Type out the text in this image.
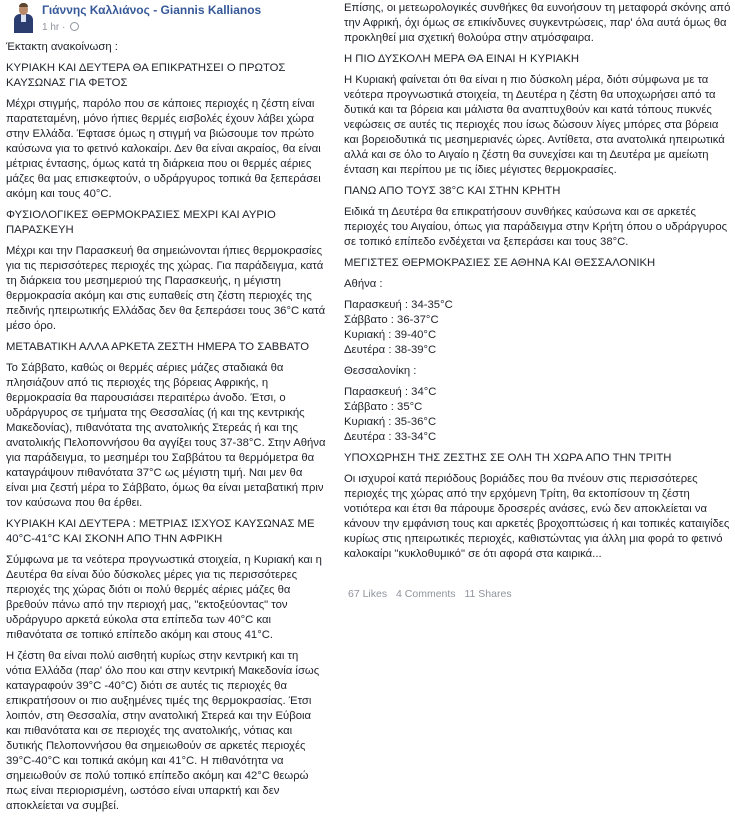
Γιάννης Καλλιάνος - Giannis Kallianos
1 hr ·

Έκτακτη ανακοίνωση :

ΚΥΡΙΑΚΗ ΚΑΙ ΔΕΥΤΕΡΑ ΘΑ ΕΠΙΚΡΑΤΗΣΕΙ Ο ΠΡΩΤΟΣ ΚΑΥΣΩΝΑΣ ΓΙΑ ΦΕΤΟΣ

Μέχρι στιγμής, παρόλο που σε κάποιες περιοχές η ζέστη είναι παρατεταμένη, μόνο ήπιες θερμές εισβολές έχουν λάβει χώρα στην Ελλάδα. Έφτασε όμως η στιγμή να βιώσουμε τον πρώτο καύσωνα για το φετινό καλοκαίρι. Δεν θα είναι ακραίος, θα είναι μέτριας έντασης, όμως κατά τη διάρκεια που οι θερμές αέριες μάζες θα μας επισκεφτούν, ο υδράργυρος τοπικά θα ξεπεράσει ακόμη και τους 40°C.

ΦΥΣΙΟΛΟΓΙΚΕΣ ΘΕΡΜΟΚΡΑΣΙΕΣ ΜΕΧΡΙ ΚΑΙ ΑΥΡΙΟ ΠΑΡΑΣΚΕΥΗ

Μέχρι και την Παρασκευή θα σημειώνονται ήπιες θερμοκρασίες για τις περισσότερες περιοχές της χώρας. Για παράδειγμα, κατά τη διάρκεια του μεσημεριού της Παρασκευής, η μέγιστη θερμοκρασία ακόμη και στις ευπαθείς στη ζέστη περιοχές της πεδινής ηπειρωτικής Ελλάδας δεν θα ξεπεράσει τους 36°C κατά μέσο όρο.

ΜΕΤΑΒΑΤΙΚΗ ΑΛΛΑ ΑΡΚΕΤΑ ΖΕΣΤΗ ΗΜΕΡΑ ΤΟ ΣΑΒΒΑΤΟ

Το Σάββατο, καθώς οι θερμές αέριες μάζες σταδιακά θα πλησιάζουν από τις περιοχές της βόρειας Αφρικής, η θερμοκρασία θα παρουσιάσει περαιτέρω άνοδο. Έτσι, ο υδράργυρος σε τμήματα της Θεσσαλίας (ή και της κεντρικής Μακεδονίας), πιθανότατα της ανατολικής Στερεάς ή και της ανατολικής Πελοποννήσου θα αγγίξει τους 37-38°C. Στην Αθήνα για παράδειγμα, το μεσημέρι του Σαββάτου τα θερμόμετρα θα καταγράψουν πιθανότατα 37°C ως μέγιστη τιμή. Ναι μεν θα είναι μια ζεστή μέρα το Σάββατο, όμως θα είναι μεταβατική πριν τον καύσωνα που θα έρθει.

ΚΥΡΙΑΚΗ ΚΑΙ ΔΕΥΤΕΡΑ : ΜΕΤΡΙΑΣ ΙΣΧΥΟΣ ΚΑΥΣΩΝΑΣ ΜΕ 40°C-41°C ΚΑΙ ΣΚΟΝΗ ΑΠΟ ΤΗΝ ΑΦΡΙΚΗ

Σύμφωνα με τα νεότερα προγνωστικά στοιχεία, η Κυριακή και η Δευτέρα θα είναι δύο δύσκολες μέρες για τις περισσότερες περιοχές της χώρας διότι οι πολύ θερμές αέριες μάζες θα βρεθούν πάνω από την περιοχή μας, "εκτοξεύοντας" τον υδράργυρο αρκετά εύκολα στα επίπεδα των 40°C και πιθανότατα σε τοπικό επίπεδο ακόμη και στους 41°C.

Η ζέστη θα είναι πολύ αισθητή κυρίως στην κεντρική και τη νότια Ελλάδα (παρ' όλο που και στην κεντρική Μακεδονία ίσως καταγραφούν 39°C -40°C) διότι σε αυτές τις περιοχές θα επικρατήσουν οι πιο αυξημένες τιμές της θερμοκρασίας. Έτσι λοιπόν, στη Θεσσαλία, στην ανατολική Στερεά και την Εύβοια και πιθανότατα και σε περιοχές της ανατολικής, νότιας και δυτικής Πελοποννήσου θα σημειωθούν σε αρκετές περιοχές 39°C-40°C και τοπικά ακόμη και 41°C. Η πιθανότητα να σημειωθούν σε πολύ τοπικό επίπεδο ακόμη και 42°C θεωρώ πως είναι περιορισμένη, ωστόσο είναι υπαρκτή και δεν αποκλείεται να συμβεί.

Επίσης, οι μετεωρολογικές συνθήκες θα ευνοήσουν τη μεταφορά σκόνης από την Αφρική, όχι όμως σε επικίνδυνες συγκεντρώσεις, παρ' όλα αυτά όμως θα προκληθεί μια σχετική θολούρα στην ατμόσφαιρα.

Η ΠΙΟ ΔΥΣΚΟΛΗ ΜΕΡΑ ΘΑ ΕΙΝΑΙ Η ΚΥΡΙΑΚΗ

Η Κυριακή φαίνεται ότι θα είναι η πιο δύσκολη μέρα, διότι σύμφωνα με τα νεότερα προγνωστικά στοιχεία, τη Δευτέρα η ζέστη θα υποχωρήσει από τα δυτικά και τα βόρεια και μάλιστα θα αναπτυχθούν και κατά τόπους πυκνές νεφώσεις σε αυτές τις περιοχές που ίσως δώσουν λίγες μπόρες στα βόρεια και βορειοδυτικά τις μεσημεριανές ώρες. Αντίθετα, στα ανατολικά ηπειρωτικά αλλά και σε όλο το Αιγαίο η ζέστη θα συνεχίσει και τη Δευτέρα με αμείωτη ένταση και περίπου με τις ίδιες μέγιστες θερμοκρασίες.

ΠΑΝΩ ΑΠΟ ΤΟΥΣ 38°C ΚΑΙ ΣΤΗΝ ΚΡΗΤΗ

Ειδικά τη Δευτέρα θα επικρατήσουν συνθήκες καύσωνα και σε αρκετές περιοχές του Αιγαίου, όπως για παράδειγμα στην Κρήτη όπου ο υδράργυρος σε τοπικό επίπεδο ενδέχεται να ξεπεράσει και τους 38°C.

ΜΕΓΙΣΤΕΣ ΘΕΡΜΟΚΡΑΣΙΕΣ ΣΕ ΑΘΗΝΑ ΚΑΙ ΘΕΣΣΑΛΟΝΙΚΗ

Αθήνα :

Παρασκευή : 34-35°C
Σάββατο : 36-37°C
Κυριακή : 39-40°C
Δευτέρα : 38-39°C

Θεσσαλονίκη :

Παρασκευή : 34°C
Σάββατο : 35°C
Κυριακή : 35-36°C
Δευτέρα : 33-34°C

ΥΠΟΧΩΡΗΣΗ ΤΗΣ ΖΕΣΤΗΣ ΣΕ ΟΛΗ ΤΗ ΧΩΡΑ ΑΠΟ ΤΗΝ ΤΡΙΤΗ

Οι ισχυροί κατά περιόδους βοριάδες που θα πνέουν στις περισσότερες περιοχές της χώρας από την ερχόμενη Τρίτη, θα εκτοπίσουν τη ζέστη νοτιότερα και έτσι θα πάρουμε δροσερές ανάσες, ενώ δεν αποκλείεται να κάνουν την εμφάνιση τους και αρκετές βροχοπτώσεις ή και τοπικές καταιγίδες κυρίως στις ηπειρωτικές περιοχές, καθιστώντας για άλλη μια φορά το φετινό καλοκαίρι "κυκλοθυμικό" σε ότι αφορά στα καιρικά...

67 Likes 4 Comments 11 Shares
